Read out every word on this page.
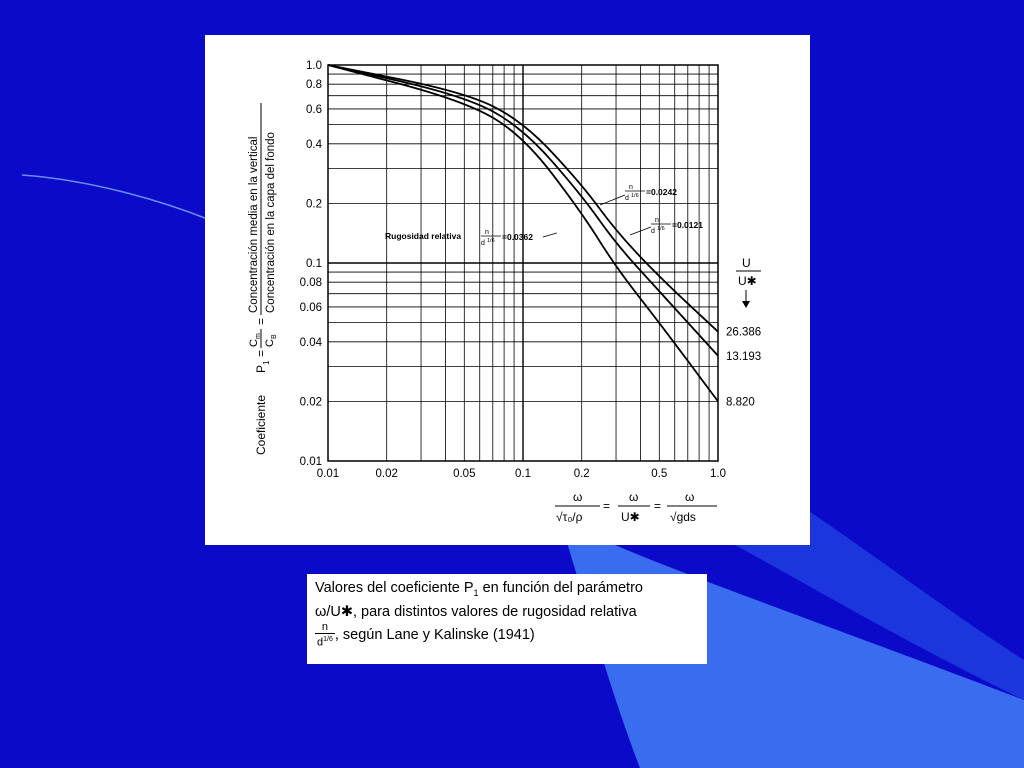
0.01	0.02	0.05	0.1	0.2	0.5	1.0
1.0
0.8
0.6
0.4
0.2
0.1
0.08
0.06
0.04
0.02
0.01
26.386
13.193
8.820
Coeficiente
P
1
=
C
m
C
B
=
Concentración media en la vertical Concentración en la capa del fondo
ω
√τ₀/ρ
=
ω
U✱
=
ω
√gds
Rugosidad relativa	n
d 1/6 =0.0362
n
d 1/6 =0.0242
n
d 1/6 =0.0121
U
U✱
Valores del coeficiente $P_1$ en función del parámetro
ω/U✱, para distintos valores de rugosidad relativa
$\frac{n}{d^{1/6}}$ , según Lane y Kalinske (1941)
